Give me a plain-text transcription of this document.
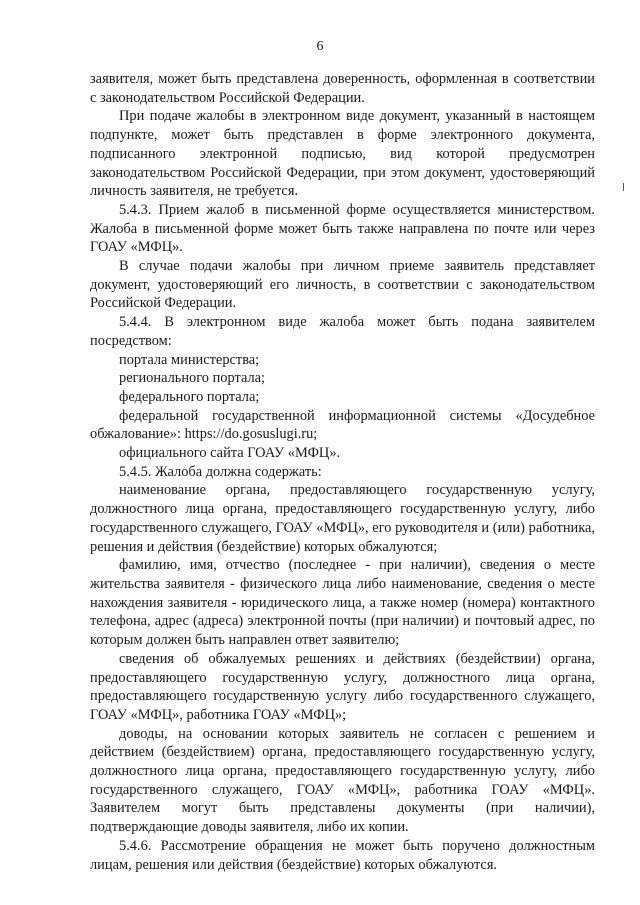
6

заявителя, может быть представлена доверенность, оформленная в соответствии с законодательством Российской Федерации.

При подаче жалобы в электронном виде документ, указанный в настоящем подпункте, может быть представлен в форме электронного документа, подписанного электронной подписью, вид которой предусмотрен законодательством Российской Федерации, при этом документ, удостоверяющий личность заявителя, не требуется.

5.4.3. Прием жалоб в письменной форме осуществляется министерством. Жалоба в письменной форме может быть также направлена по почте или через ГОАУ «МФЦ».

В случае подачи жалобы при личном приеме заявитель представляет документ, удостоверяющий его личность, в соответствии с законодательством Российской Федерации.

5.4.4. В электронном виде жалоба может быть подана заявителем посредством:

портала министерства;

регионального портала;

федерального портала;

федеральной государственной информационной системы «Досудебное обжалование»: https://do.gosuslugi.ru;

официального сайта ГОАУ «МФЦ».

5.4.5. Жалоба должна содержать:

наименование органа, предоставляющего государственную услугу, должностного лица органа, предоставляющего государственную услугу, либо государственного служащего, ГОАУ «МФЦ», его руководителя и (или) работника, решения и действия (бездействие) которых обжалуются;

фамилию, имя, отчество (последнее - при наличии), сведения о месте жительства заявителя - физического лица либо наименование, сведения о месте нахождения заявителя - юридического лица, а также номер (номера) контактного телефона, адрес (адреса) электронной почты (при наличии) и почтовый адрес, по которым должен быть направлен ответ заявителю;

сведения об обжалуемых решениях и действиях (бездействии) органа, предоставляющего государственную услугу, должностного лица органа, предоставляющего государственную услугу либо государственного служащего, ГОАУ «МФЦ», работника ГОАУ «МФЦ»;

доводы, на основании которых заявитель не согласен с решением и действием (бездействием) органа, предоставляющего государственную услугу, должностного лица органа, предоставляющего государственную услугу, либо государственного служащего, ГОАУ «МФЦ», работника ГОАУ «МФЦ». Заявителем могут быть представлены документы (при наличии), подтверждающие доводы заявителя, либо их копии.

5.4.6. Рассмотрение обращения не может быть поручено должностным лицам, решения или действия (бездействие) которых обжалуются.
